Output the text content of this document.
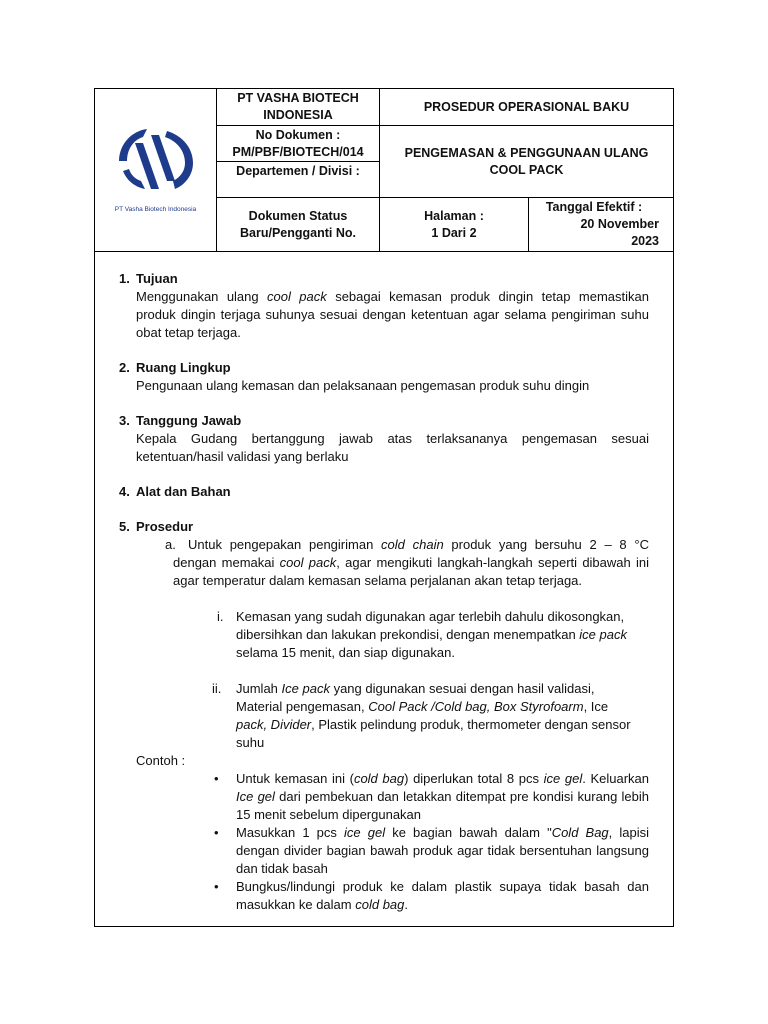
PT Vasha Biotech Indonesia
PT VASHA BIOTECH INDONESIA
PROSEDUR OPERASIONAL BAKU
No Dokumen :
PM/PBF/BIOTECH/014
Departemen / Divisi :
PENGEMASAN & PENGGUNAAN ULANG
COOL PACK
Dokumen Status
Baru/Pengganti No.
Halaman :
1 Dari 2
Tanggal Efektif :
20 November
2023
1. Tujuan
Menggunakan ulang cool pack sebagai kemasan produk dingin tetap memastikan produk dingin terjaga suhunya sesuai dengan ketentuan agar selama pengiriman suhu obat tetap terjaga.
2. Ruang Lingkup
Pengunaan ulang kemasan dan pelaksanaan pengemasan produk suhu dingin
3. Tanggung Jawab
Kepala Gudang bertanggung jawab atas terlaksananya pengemasan sesuai ketentuan/hasil validasi yang berlaku
4. Alat dan Bahan
5. Prosedur
a. Untuk pengepakan pengiriman cold chain produk yang bersuhu 2 – 8 °C dengan memakai cool pack, agar mengikuti langkah-langkah seperti dibawah ini agar temperatur dalam kemasan selama perjalanan akan tetap terjaga.
i. Kemasan yang sudah digunakan agar terlebih dahulu dikosongkan, dibersihkan dan lakukan prekondisi, dengan menempatkan ice pack selama 15 menit, dan siap digunakan.
ii. Jumlah Ice pack yang digunakan sesuai dengan hasil validasi, Material pengemasan, Cool Pack /Cold bag, Box Styrofoarm, Ice pack, Divider, Plastik pelindung produk, thermometer dengan sensor suhu
Contoh :
• Untuk kemasan ini (cold bag) diperlukan total 8 pcs ice gel. Keluarkan Ice gel dari pembekuan dan letakkan ditempat pre kondisi kurang lebih 15 menit sebelum dipergunakan
• Masukkan 1 pcs ice gel ke bagian bawah dalam "Cold Bag, lapisi dengan divider bagian bawah produk agar tidak bersentuhan langsung dan tidak basah
• Bungkus/lindungi produk ke dalam plastik supaya tidak basah dan masukkan ke dalam cold bag.
